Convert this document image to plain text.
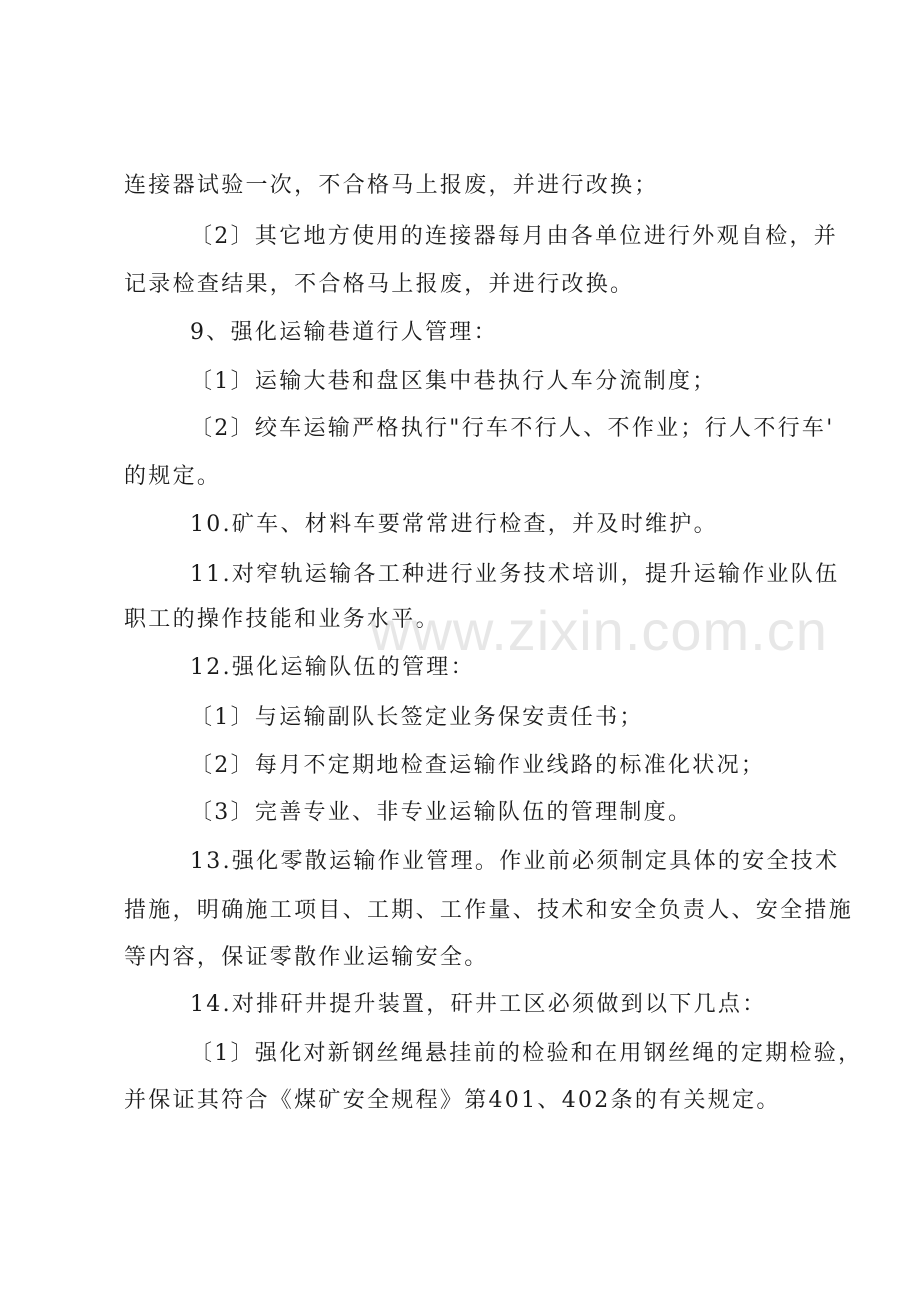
连接器试验一次，不合格马上报废，并进行改换；
〔2〕其它地方使用的连接器每月由各单位进行外观自检，并
记录检查结果，不合格马上报废，并进行改换。
9、强化运输巷道行人管理：
〔1〕运输大巷和盘区集中巷执行人车分流制度；
〔2〕绞车运输严格执行"行车不行人、不作业；行人不行车'
的规定。
10.矿车、材料车要常常进行检查，并及时维护。
11.对窄轨运输各工种进行业务技术培训，提升运输作业队伍
职工的操作技能和业务水平。
12.强化运输队伍的管理：
〔1〕与运输副队长签定业务保安责任书；
〔2〕每月不定期地检查运输作业线路的标准化状况；
〔3〕完善专业、非专业运输队伍的管理制度。
13.强化零散运输作业管理。作业前必须制定具体的安全技术
措施，明确施工项目、工期、工作量、技术和安全负责人、安全措施
等内容，保证零散作业运输安全。
14.对排矸井提升装置，矸井工区必须做到以下几点：
〔1〕强化对新钢丝绳悬挂前的检验和在用钢丝绳的定期检验，
并保证其符合《煤矿安全规程》第401、402条的有关规定。
www.zixin.com.cn
